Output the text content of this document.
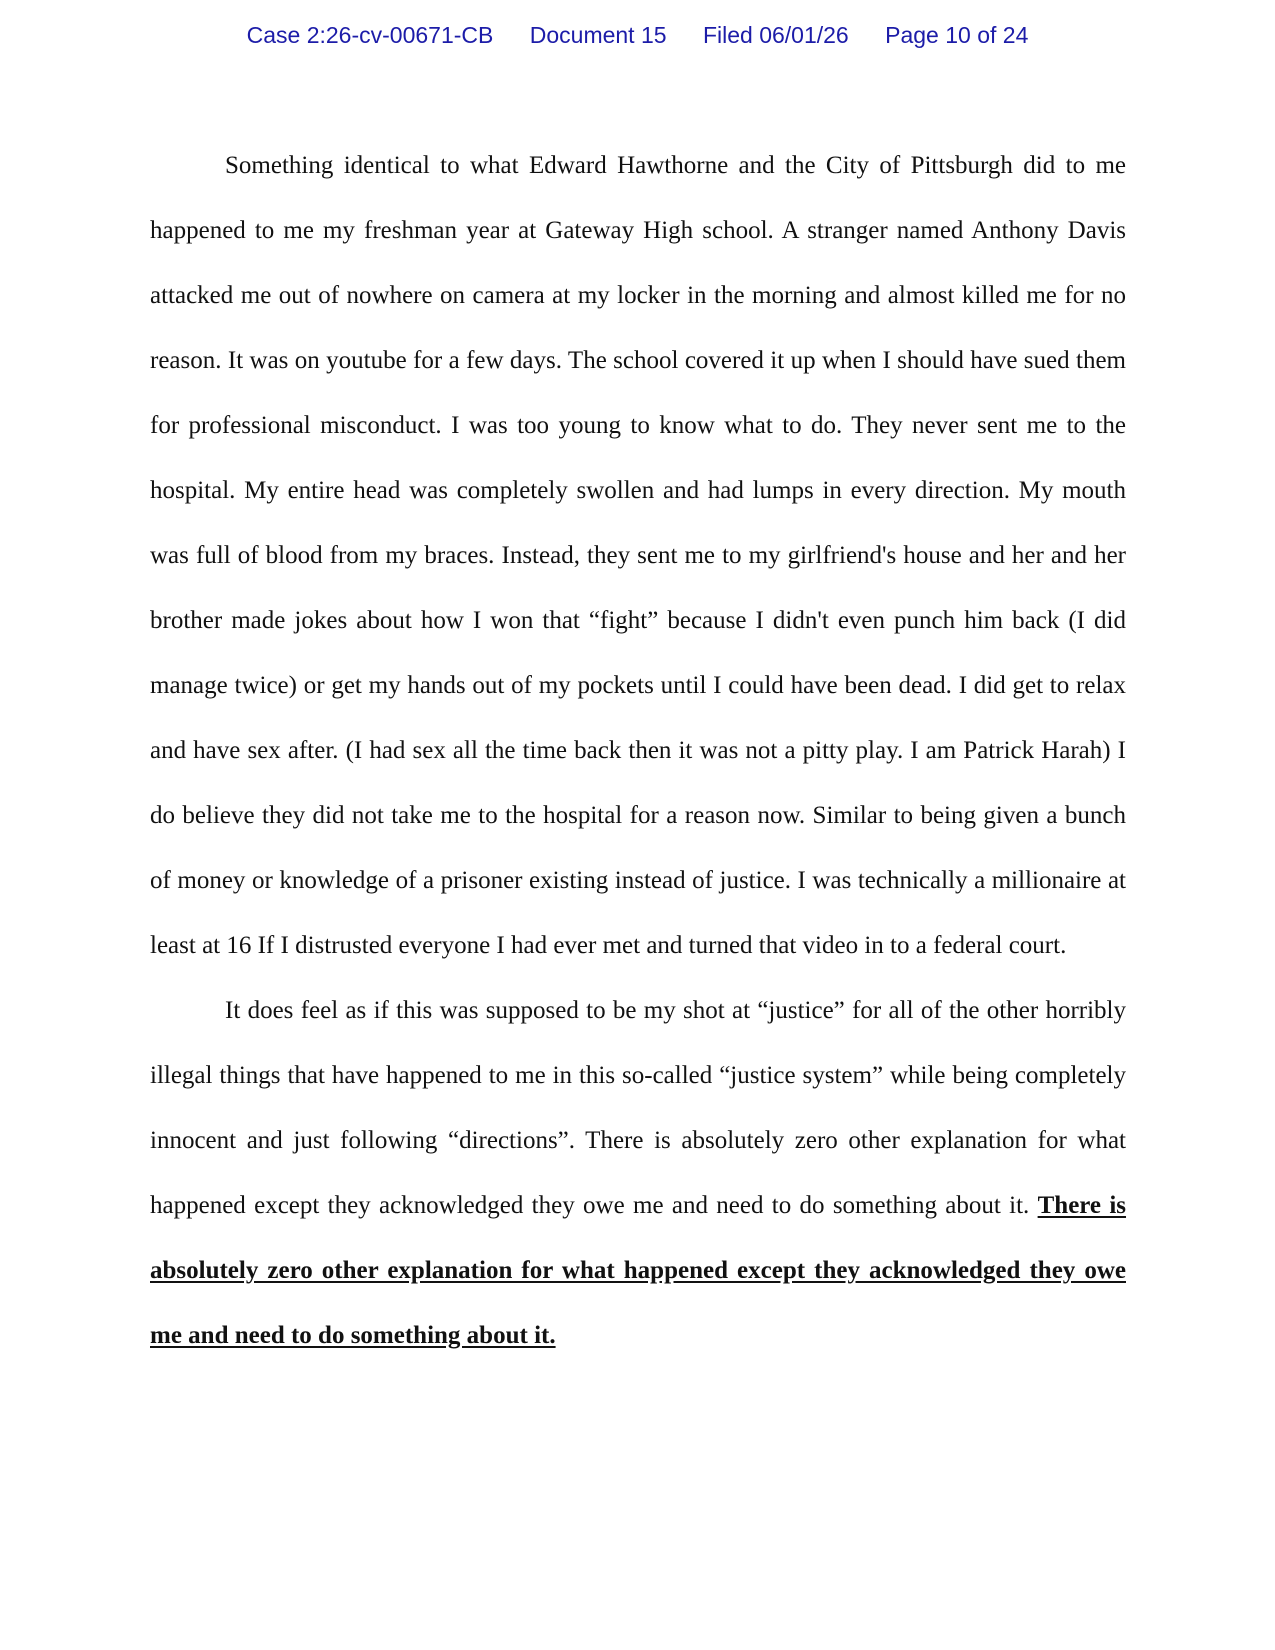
Case 2:26-cv-00671-CB Document 15 Filed 06/01/26 Page 10 of 24

Something identical to what Edward Hawthorne and the City of Pittsburgh did to me happened to me my freshman year at Gateway High school. A stranger named Anthony Davis attacked me out of nowhere on camera at my locker in the morning and almost killed me for no reason. It was on youtube for a few days. The school covered it up when I should have sued them for professional misconduct. I was too young to know what to do. They never sent me to the hospital. My entire head was completely swollen and had lumps in every direction. My mouth was full of blood from my braces. Instead, they sent me to my girlfriend's house and her and her brother made jokes about how I won that “fight” because I didn't even punch him back (I did manage twice) or get my hands out of my pockets until I could have been dead. I did get to relax and have sex after. (I had sex all the time back then it was not a pitty play. I am Patrick Harah) I do believe they did not take me to the hospital for a reason now. Similar to being given a bunch of money or knowledge of a prisoner existing instead of justice. I was technically a millionaire at least at 16 If I distrusted everyone I had ever met and turned that video in to a federal court.

It does feel as if this was supposed to be my shot at “justice” for all of the other horribly illegal things that have happened to me in this so-called “justice system” while being completely innocent and just following “directions”. There is absolutely zero other explanation for what happened except they acknowledged they owe me and need to do something about it. There is absolutely zero other explanation for what happened except they acknowledged they owe me and need to do something about it.
